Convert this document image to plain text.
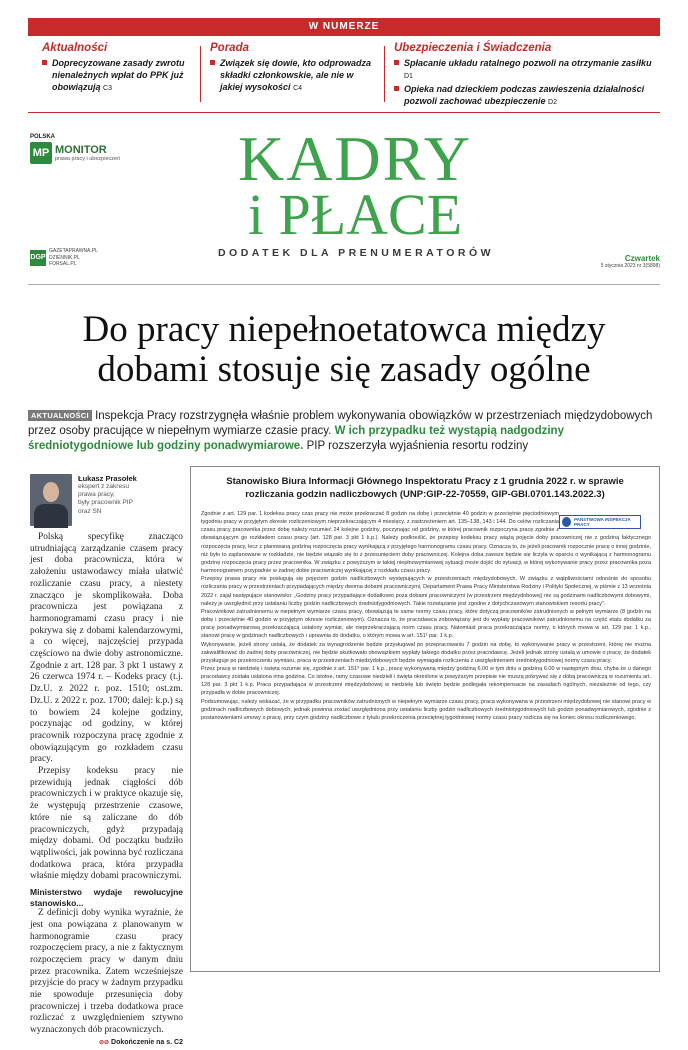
W NUMERZE
Aktualności
Doprecyzowane zasady zwrotu nienależnych wpłat do PPK już obowiązują C3
Porada
Związek się dowie, kto odprowadza składki członkowskie, ale nie w jakiej wysokości C4
Ubezpieczenia i Świadczenia
Spłacanie układu ratalnego pozwoli na otrzymanie zasiłku D1
Opieka nad dzieckiem podczas zawieszenia działalności pozwoli zachować ubezpieczenie D2
POLSKA
MP MONITOR
prawa pracy i ubezpieczeń	KADRY
i PŁACE
DODATEK DLA PRENUMERATORÓW
DGP
GAZETAPRAWNA.PL
DZIENNIK.PL
FORSAL.PL
Czwartek
5 stycznia 2023 nr 3(5898)
Do pracy niepełnoetatowca między dobami stosuje się zasady ogólne
AKTUALNOŚCI Inspekcja Pracy rozstrzygnęła właśnie problem wykonywania obowiązków w przestrzeniach międzydobowych przez osoby pracujące w niepełnym wymiarze czasie pracy. W ich przypadku też wystąpią nadgodziny średniotygodniowe lub godziny ponadwymiarowe. PIP rozszerzyła wyjaśnienia resortu rodziny
Łukasz Prasołek
ekspert z zakresu
prawa pracy,
były pracownik PIP
oraz SN

Polską specyfikę znacząco utrudniającą zarządzanie czasem pracy jest doba pracownicza, która w założeniu ustawodawcy miała ułatwić rozliczanie czasu pracy, a niestety znacząco je skomplikowała. Doba pracownicza jest powiązana z harmonogramami czasu pracy i nie pokrywa się z dobami kalendarzowymi, a co więcej, najczęściej przypada częściowo na dwie doby astronomiczne. Zgodnie z art. 128 par. 3 pkt 1 ustawy z 26 czerwca 1974 r. – Kodeks pracy (t.j. Dz.U. z 2022 r. poz. 1510; ost.zm. Dz.U. z 2022 r. poz. 1700; dalej: k.p.) są to bowiem 24 kolejne godziny, poczynając od godziny, w której pracownik rozpoczyna pracę zgodnie z obowiązującym go rozkładem czasu pracy.

Przepisy kodeksu pracy nie przewidują jednak ciągłości dób pracowniczych i w praktyce okazuje się, że występują przestrzenie czasowe, które nie są zaliczane do dób pracowniczych, gdyż przypadają między dobami. Od początku budziło wątpliwości, jak powinna być rozliczana dodatkowa praca, która przypadła właśnie między dobami pracowniczymi.

Ministerstwo wydaje rewolucyjne stanowisko...

Z definicji doby wynika wyraźnie, że jest ona powiązana z planowanym w harmonogramie czasu pracy rozpoczęciem pracy, a nie z faktycznym rozpoczęciem pracy w danym dniu przez pracownika. Zatem wcześniejsze przyjście do pracy w żadnym przypadku nie spowoduje przesunięcia doby pracowniczej i trzeba dodatkowa prace rozliczać z uwzględnieniem sztywno wyznaczonych dób pracowniczych.

⊘⊘ Dokończenie na s. C2

Stanowisko Biura Informacji Głównego Inspektoratu Pracy z 1 grudnia 2022 r. w sprawie rozliczania godzin nadliczbowych (UNP:GIP-22-70559, GIP-GBI.0701.143.2022.3)
PAŃSTWOWA INSPEKCJA PRACY

Zgodnie z art. 129 par. 1 kodeksu pracy czas pracy nie może przekraczać 8 godzin na dobę i przeciętnie 40 godzin w przeciętnie pięciodniowym tygodniu pracy w przyjętym okresie rozliczeniowym nieprzekraczającym 4 miesięcy, z zastrzeżeniem art. 135–138, 143 i 144. Do celów rozliczania czasu pracy pracownika przez dobę należy rozumieć 24 kolejne godziny, poczynając od godziny, w której pracownik rozpoczyna pracę zgodnie z obowiązującym go rozkładem czasu pracy (art. 128 par. 3 pkt 1 k.p.). Należy podkreślić, że przepisy kodeksu pracy wiążą pojęcie doby pracowniczej nie z godziną faktycznego rozpoczęcia pracy, lecz z planowaną godziną rozpoczęcia pracy wynikającą z przyjętego harmonogramu czasu pracy. Oznacza to, że jeżeli pracownik rozpocznie pracę o innej godzinie, niż było to zaplanowane w rozkładzie, nie będzie wiązało się to z przesunięciem doby pracowniczej. Kolejna doba zawsze będzie się liczyła w oparciu o wynikającą z harmonogramu godzinę rozpoczęcia pracy przez pracownika. W związku z powyższym w takiej niepłnowymiarowej sytuacji może dojść do sytuacji, w której wykonywanie pracy przez pracownika poza harmonogramem przypadnie w żadnej dobie pracowniczej wynikającej z rozkładu czasu pracy.

Przepisy prawa pracy nie posługują się pojęciem godzin nadliczbowych występujących w przestrzeniach międzydobowych. W związku z wątpliwościami odnośnie do sposobu rozliczania pracy w przestrzeniach przypadających między dwoma dobami pracowniczymi, Departament Prawa Pracy Ministerstwa Rodziny i Polityki Społecznej, w piśmie z 13 września 2022 r. zajął następujące stanowisko: „Godziny pracy przypadające dodatkowo poza dobami pracowniczymi (w przestrzeni międzydobowej) nie są godzinami nadliczbowymi dobowymi, należy je uwzględnić przy ustalaniu liczby godzin nadliczbowych średniotygodniowych. Takie rozwiązanie jest zgodne z dotychczasowym stanowiskiem resortu pracy".

Pracownikowi zatrudnionemu w niepełnym wymiarze czasu pracy, obowiązują te same normy czasu pracy, które dotyczą pracowników zatrudnionych w pełnym wymiarze (8 godzin na dobę i przeciętnie 40 godzin w przyjętym okresie rozliczeniowym). Oznacza to, że pracodawca zobowiązany jest do wypłaty pracownikowi zatrudnionemu na część etatu dodatku za pracę ponadwymiarową przekraczającą ustalony wymiar, ale nieprzekraczającą norm czasu pracy. Natomiast praca przekraczająca normy, o których mowa w art. 129 par. 1 k.p., stanowi pracę w godzinach nadliczbowych i uprawnia do dodatku, o którym mowa w art. 151¹ par. 1 k.p.

Wykonywanie, jeżeli strony ustalą, że dodatek za wynagrodzenie będzie przysługiwał po przepracowaniu 7 godzin na dobę, to wykonywanie pracy w przestrzeni, której nie można zakwalifikować do żadnej doby pracowniczej, nie będzie skutkowało obowiązkiem wypłaty takiego dodatku przez pracodawcę. Jeżeli jednak strony ustalą w umowie o pracę, że dodatek przysługuje po przekroczeniu wymiaru, praca w przestrzeniach międzydobowych będzie wymagała rozliczenia z uwzględnieniem średniotygodniowej normy czasu pracy.

Przez pracę w niedzielę i święta rozumie się, zgodnie z art. 151⁹ par. 1 k.p., pracę wykonywaną między godziną 6.00 w tym dniu a godziną 6.00 w następnym dniu, chyba że u danego pracodawcy została ustalona inna godzina. Co istotne, ramy czasowe niedzieli i święta określone w powyższym przepisie nie muszą pokrywać się z dobą pracowniczą w rozumieniu art. 128 par. 3 pkt 1 k.p. Praca przypadająca w przestrzeni międzydobowej w niedzielę lub święto będzie podlegała rekompensacie na zasadach ogólnych, niezależnie od tego, czy przypadła w dobie pracowniczej.

Podsumowując, należy wskazać, że w przypadku pracowników zatrudnionych w niepełnym wymiarze czasu pracy, praca wykonywana w przestrzeni międzydobowej nie stanowi pracy w godzinach nadliczbowych dobowych, jednak powinna zostać uwzględniona przy ustalaniu liczby godzin nadliczbowych średniotygodniowych lub godzin ponadwymiarowych, zgodnie z postanowieniami umowy o pracę, przy czym godziny nadliczbowe z tytułu przekroczenia przeciętnej tygodniowej normy czasu pracy rozlicza się na koniec okresu rozliczeniowego.
